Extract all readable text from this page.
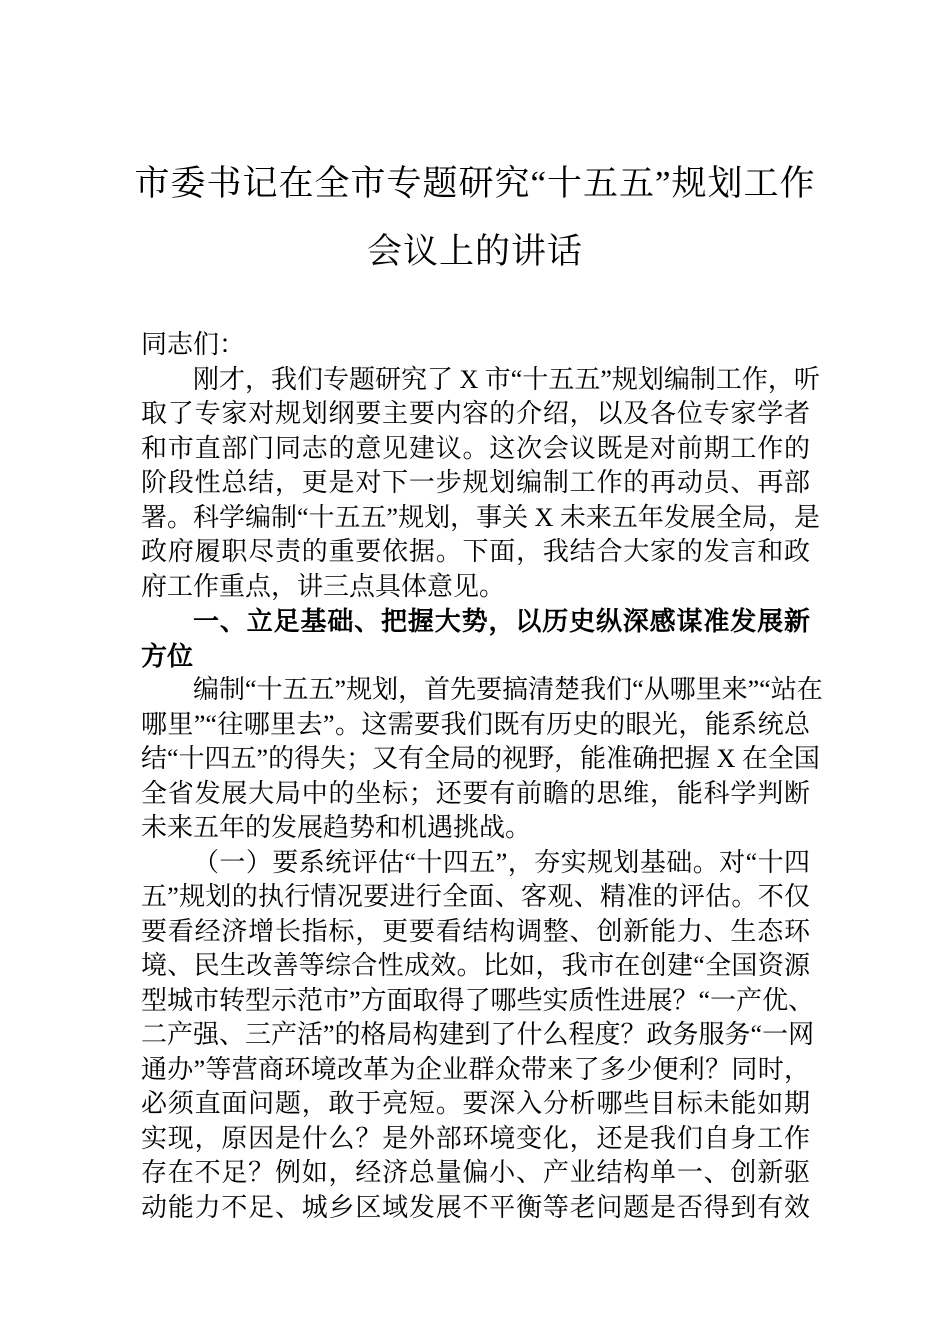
市委书记在全市专题研究“十五五”规划工作
会议上的讲话
同志们：
刚才，我们专题研究了 X 市“十五五”规划编制工作，听
取了专家对规划纲要主要内容的介绍，以及各位专家学者
和市直部门同志的意见建议。这次会议既是对前期工作的
阶段性总结，更是对下一步规划编制工作的再动员、再部
署。科学编制“十五五”规划，事关 X 未来五年发展全局，是
政府履职尽责的重要依据。下面，我结合大家的发言和政
府工作重点，讲三点具体意见。
一、立足基础、把握大势，以历史纵深感谋准发展新
方位
编制“十五五”规划，首先要搞清楚我们“从哪里来”“站在
哪里”“往哪里去”。这需要我们既有历史的眼光，能系统总
结“十四五”的得失；又有全局的视野，能准确把握 X 在全国
全省发展大局中的坐标；还要有前瞻的思维，能科学判断
未来五年的发展趋势和机遇挑战。
（一）要系统评估“十四五”，夯实规划基础。对“十四
五”规划的执行情况要进行全面、客观、精准的评估。不仅
要看经济增长指标，更要看结构调整、创新能力、生态环
境、民生改善等综合性成效。比如，我市在创建“全国资源
型城市转型示范市”方面取得了哪些实质性进展？“一产优、
二产强、三产活”的格局构建到了什么程度？政务服务“一网
通办”等营商环境改革为企业群众带来了多少便利？同时，
必须直面问题，敢于亮短。要深入分析哪些目标未能如期
实现，原因是什么？是外部环境变化，还是我们自身工作
存在不足？例如，经济总量偏小、产业结构单一、创新驱
动能力不足、城乡区域发展不平衡等老问题是否得到有效
